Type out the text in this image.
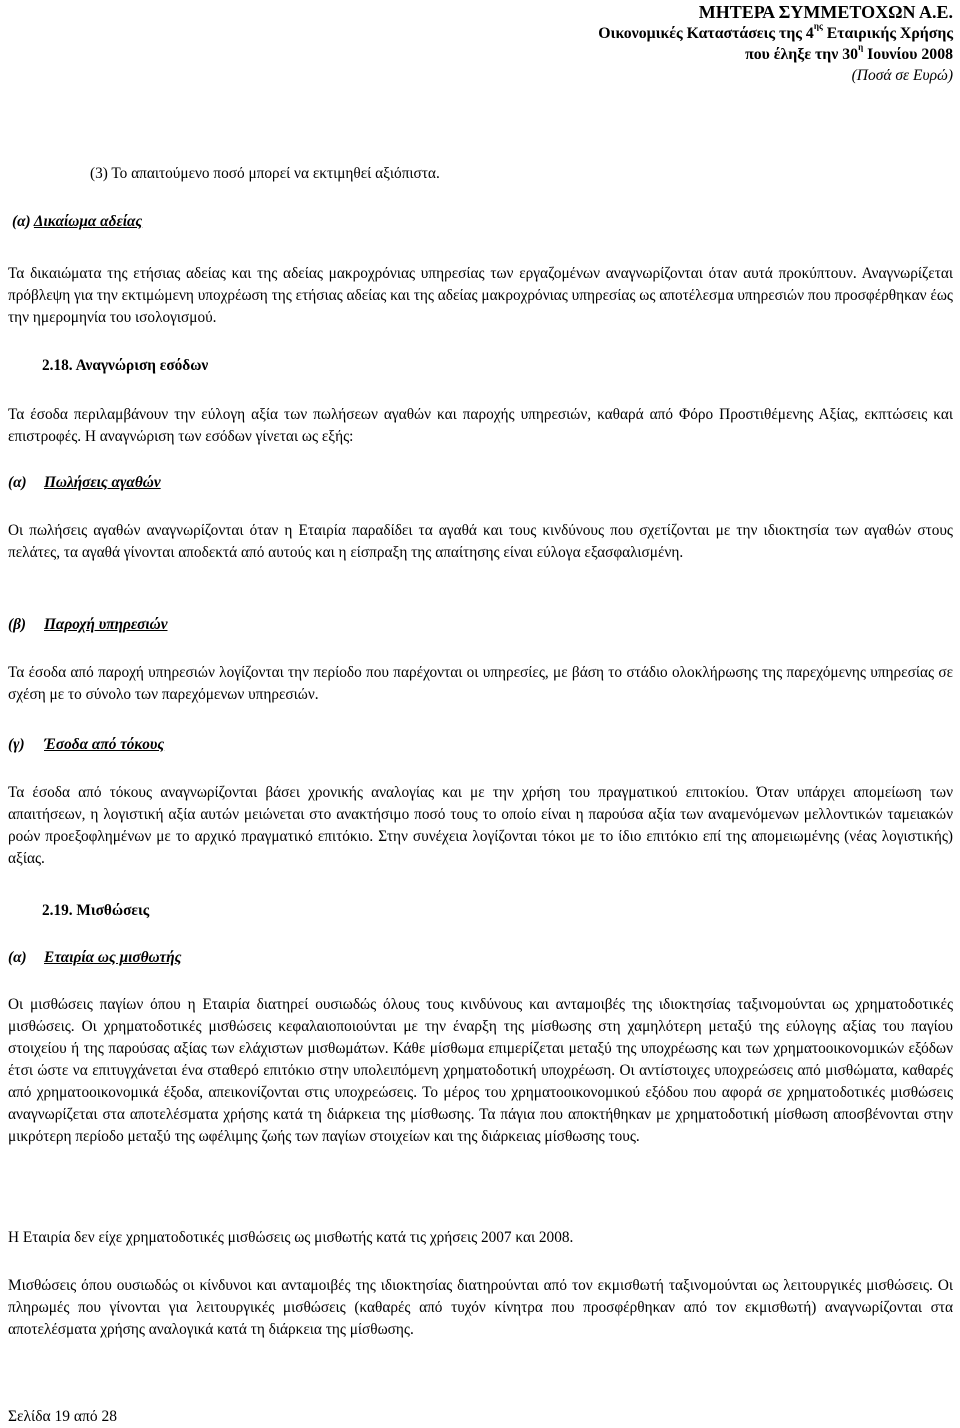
ΜΗΤΕΡΑ ΣΥΜΜΕΤΟΧΩΝ Α.Ε.
Οικονομικές Καταστάσεις της $4^{\eta\varsigma}$ Εταιρικής Χρήσης
που έληξε την $30^\eta$ Ιουνίου 2008
(Ποσά σε Ευρώ)

(3) Το απαιτούμενο ποσό μπορεί να εκτιμηθεί αξιόπιστα.

(α) Δικαίωμα αδείας

Τα δικαιώματα της ετήσιας αδείας και της αδείας μακροχρόνιας υπηρεσίας των εργαζομένων αναγνωρίζονται όταν αυτά προκύπτουν. Αναγνωρίζεται πρόβλεψη για την εκτιμώμενη υποχρέωση της ετήσιας αδείας και της αδείας μακροχρόνιας υπηρεσίας ως αποτέλεσμα υπηρεσιών που προσφέρθηκαν έως την ημερομηνία του ισολογισμού.

2.18. Αναγνώριση εσόδων

Τα έσοδα περιλαμβάνουν την εύλογη αξία των πωλήσεων αγαθών και παροχής υπηρεσιών, καθαρά από Φόρο Προστιθέμενης Αξίας, εκπτώσεις και επιστροφές. Η αναγνώριση των εσόδων γίνεται ως εξής:

(α) Πωλήσεις αγαθών

Οι πωλήσεις αγαθών αναγνωρίζονται όταν η Εταιρία παραδίδει τα αγαθά και τους κινδύνους που σχετίζονται με την ιδιοκτησία των αγαθών στους πελάτες, τα αγαθά γίνονται αποδεκτά από αυτούς και η είσπραξη της απαίτησης είναι εύλογα εξασφαλισμένη.

(β) Παροχή υπηρεσιών

Τα έσοδα από παροχή υπηρεσιών λογίζονται την περίοδο που παρέχονται οι υπηρεσίες, με βάση το στάδιο ολοκλήρωσης της παρεχόμενης υπηρεσίας σε σχέση με το σύνολο των παρεχόμενων υπηρεσιών.

(γ) Έσοδα από τόκους

Τα έσοδα από τόκους αναγνωρίζονται βάσει χρονικής αναλογίας και με την χρήση του πραγματικού επιτοκίου. Όταν υπάρχει απομείωση των απαιτήσεων, η λογιστική αξία αυτών μειώνεται στο ανακτήσιμο ποσό τους το οποίο είναι η παρούσα αξία των αναμενόμενων μελλοντικών ταμειακών ροών προεξοφλημένων με το αρχικό πραγματικό επιτόκιο. Στην συνέχεια λογίζονται τόκοι με το ίδιο επιτόκιο επί της απομειωμένης (νέας λογιστικής) αξίας.

2.19. Μισθώσεις

(α) Εταιρία ως μισθωτής

Οι μισθώσεις παγίων όπου η Εταιρία διατηρεί ουσιωδώς όλους τους κινδύνους και ανταμοιβές της ιδιοκτησίας ταξινομούνται ως χρηματοδοτικές μισθώσεις. Οι χρηματοδοτικές μισθώσεις κεφαλαιοποιούνται με την έναρξη της μίσθωσης στη χαμηλότερη μεταξύ της εύλογης αξίας του παγίου στοιχείου ή της παρούσας αξίας των ελάχιστων μισθωμάτων. Κάθε μίσθωμα επιμερίζεται μεταξύ της υποχρέωσης και των χρηματοοικονομικών εξόδων έτσι ώστε να επιτυγχάνεται ένα σταθερό επιτόκιο στην υπολειπόμενη χρηματοδοτική υποχρέωση. Οι αντίστοιχες υποχρεώσεις από μισθώματα, καθαρές από χρηματοοικονομικά έξοδα, απεικονίζονται στις υποχρεώσεις. Το μέρος του χρηματοοικονομικού εξόδου που αφορά σε χρηματοδοτικές μισθώσεις αναγνωρίζεται στα αποτελέσματα χρήσης κατά τη διάρκεια της μίσθωσης. Τα πάγια που αποκτήθηκαν με χρηματοδοτική μίσθωση αποσβένονται στην μικρότερη περίοδο μεταξύ της ωφέλιμης ζωής των παγίων στοιχείων και της διάρκειας μίσθωσης τους.

Η Εταιρία δεν είχε χρηματοδοτικές μισθώσεις ως μισθωτής κατά τις χρήσεις 2007 και 2008.

Μισθώσεις όπου ουσιωδώς οι κίνδυνοι και ανταμοιβές της ιδιοκτησίας διατηρούνται από τον εκμισθωτή ταξινομούνται ως λειτουργικές μισθώσεις. Οι πληρωμές που γίνονται για λειτουργικές μισθώσεις (καθαρές από τυχόν κίνητρα που προσφέρθηκαν από τον εκμισθωτή) αναγνωρίζονται στα αποτελέσματα χρήσης αναλογικά κατά τη διάρκεια της μίσθωσης.

Σελίδα 19 από 28
